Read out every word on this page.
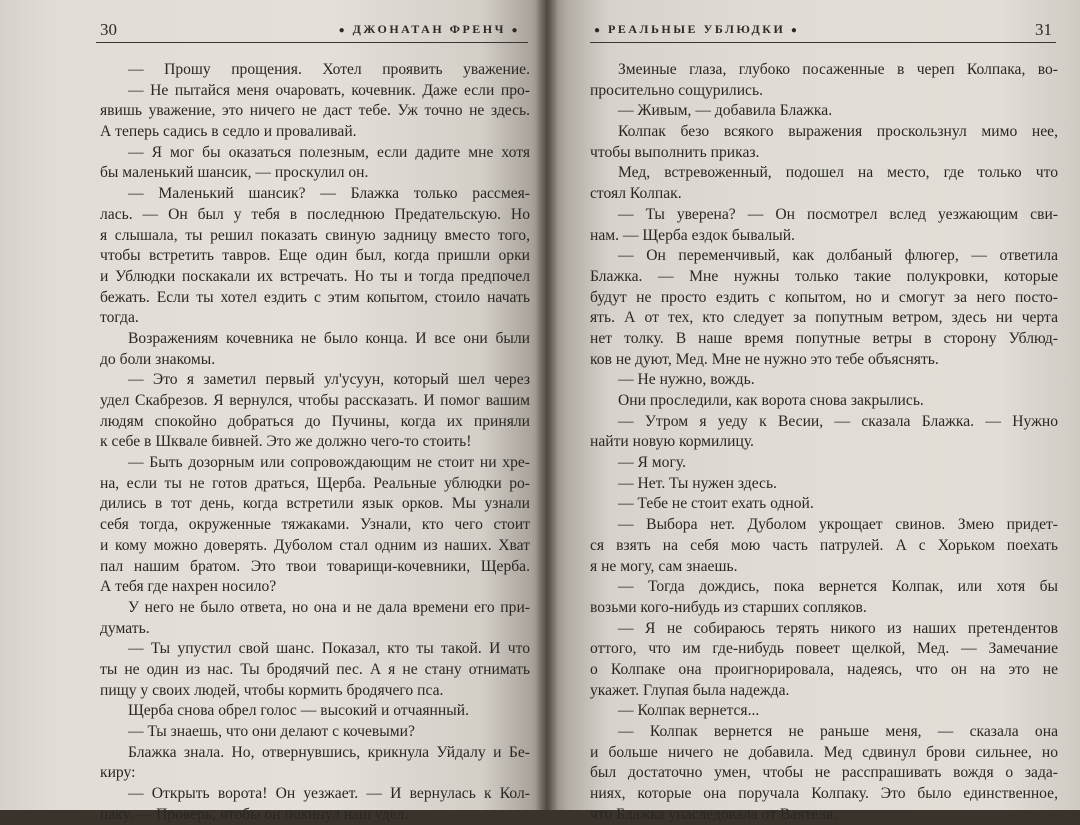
30	● ДЖОНАТАН ФРЕНЧ ●
— Прошу прощения. Хотел проявить уважение.
— Не пытайся меня очаровать, кочевник. Даже если про-
явишь уважение, это ничего не даст тебе. Уж точно не здесь.
А теперь садись в седло и проваливай.
— Я мог бы оказаться полезным, если дадите мне хотя
бы маленький шансик, — проскулил он.
— Маленький шансик? — Блажка только рассмея-
лась. — Он был у тебя в последнюю Предательскую. Но
я слышала, ты решил показать свиную задницу вместо того,
чтобы встретить тавров. Еще один был, когда пришли орки
и Ублюдки поскакали их встречать. Но ты и тогда предпочел
бежать. Если ты хотел ездить с этим копытом, стоило начать
тогда.
Возражениям кочевника не было конца. И все они были
до боли знакомы.
— Это я заметил первый ул'усуун, который шел через
удел Скабрезов. Я вернулся, чтобы рассказать. И помог вашим
людям спокойно добраться до Пучины, когда их приняли
к себе в Шквале бивней. Это же должно чего-то стоить!
— Быть дозорным или сопровождающим не стоит ни хре-
на, если ты не готов драться, Щерба. Реальные ублюдки ро-
дились в тот день, когда встретили язык орков. Мы узнали
себя тогда, окруженные тяжаками. Узнали, кто чего стоит
и кому можно доверять. Дуболом стал одним из наших. Хват
пал нашим братом. Это твои товарищи-кочевники, Щерба.
А тебя где нахрен носило?
У него не было ответа, но она и не дала времени его при-
думать.
— Ты упустил свой шанс. Показал, кто ты такой. И что
ты не один из нас. Ты бродячий пес. А я не стану отнимать
пищу у своих людей, чтобы кормить бродячего пса.
Щерба снова обрел голос — высокий и отчаянный.
— Ты знаешь, что они делают с кочевыми?
Блажка знала. Но, отвернувшись, крикнула Уйдалу и Бе-
киру:
— Открыть ворота! Он уезжает. — И вернулась к Кол-
паку. — Проверь, чтобы он покинул наш удел.
● РЕАЛЬНЫЕ УБЛЮДКИ ●	31
Змеиные глаза, глубоко посаженные в череп Колпака, во-
просительно сощурились.
— Живым, — добавила Блажка.
Колпак безо всякого выражения проскользнул мимо нее,
чтобы выполнить приказ.
Мед, встревоженный, подошел на место, где только что
стоял Колпак.
— Ты уверена? — Он посмотрел вслед уезжающим сви-
нам. — Щерба ездок бывалый.
— Он переменчивый, как долбаный флюгер, — ответила
Блажка. — Мне нужны только такие полукровки, которые
будут не просто ездить с копытом, но и смогут за него посто-
ять. А от тех, кто следует за попутным ветром, здесь ни черта
нет толку. В наше время попутные ветры в сторону Ублюд-
ков не дуют, Мед. Мне не нужно это тебе объяснять.
— Не нужно, вождь.
Они проследили, как ворота снова закрылись.
— Утром я уеду к Весии, — сказала Блажка. — Нужно
найти новую кормилицу.
— Я могу.
— Нет. Ты нужен здесь.
— Тебе не стоит ехать одной.
— Выбора нет. Дуболом укрощает свинов. Змею придет-
ся взять на себя мою часть патрулей. А с Хорьком поехать
я не могу, сам знаешь.
— Тогда дождись, пока вернется Колпак, или хотя бы
возьми кого-нибудь из старших сопляков.
— Я не собираюсь терять никого из наших претендентов
оттого, что им где-нибудь повеет щелкой, Мед. — Замечание
о Колпаке она проигнорировала, надеясь, что он на это не
укажет. Глупая была надежда.
— Колпак вернется...
— Колпак вернется не раньше меня, — сказала она
и больше ничего не добавила. Мед сдвинул брови сильнее, но
был достаточно умен, чтобы не расспрашивать вождя о зада-
ниях, которые она поручала Колпаку. Это было единственное,
что Блажка унаследовала от Ваятеля.
